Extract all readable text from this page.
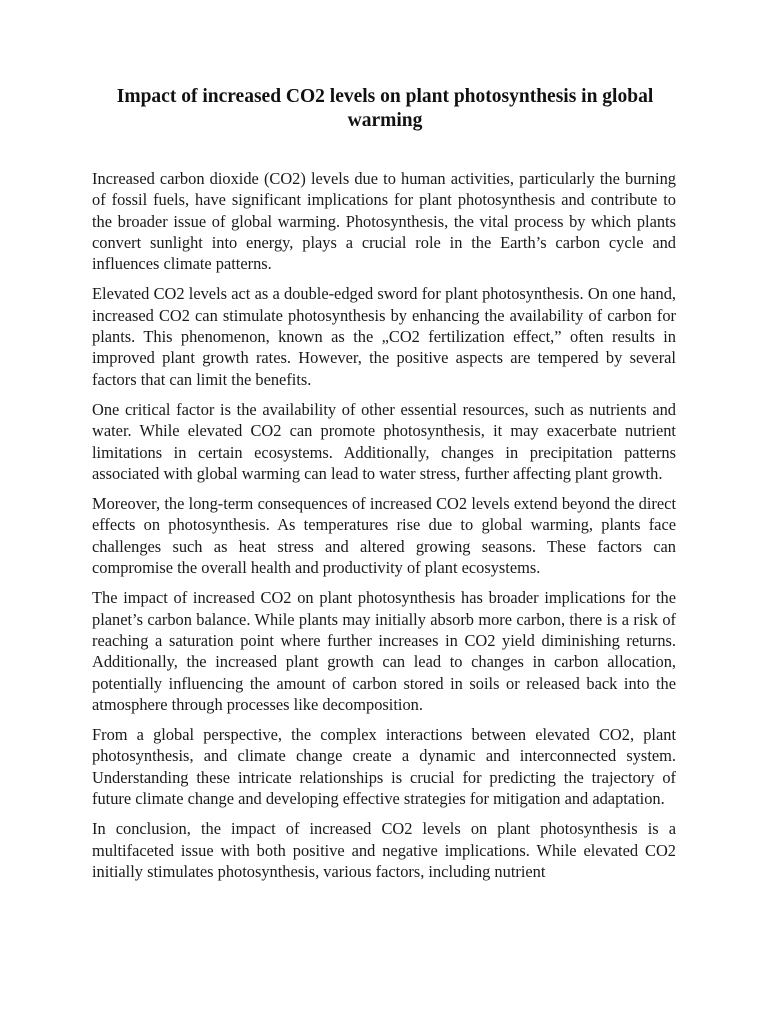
Impact of increased CO2 levels on plant photosynthesis in global warming

Increased carbon dioxide (CO2) levels due to human activities, particularly the burning of fossil fuels, have significant implications for plant photosynthesis and contribute to the broader issue of global warming. Photosynthesis, the vital process by which plants convert sunlight into energy, plays a crucial role in the Earth’s carbon cycle and influences climate patterns.

Elevated CO2 levels act as a double-edged sword for plant photosynthesis. On one hand, increased CO2 can stimulate photosynthesis by enhancing the availability of carbon for plants. This phenomenon, known as the „CO2 fertilization effect,” often results in improved plant growth rates. However, the positive aspects are tempered by several factors that can limit the benefits.

One critical factor is the availability of other essential resources, such as nutrients and water. While elevated CO2 can promote photosynthesis, it may exacerbate nutrient limitations in certain ecosystems. Additionally, changes in precipitation patterns associated with global warming can lead to water stress, further affecting plant growth.

Moreover, the long-term consequences of increased CO2 levels extend beyond the direct effects on photosynthesis. As temperatures rise due to global warming, plants face challenges such as heat stress and altered growing seasons. These factors can compromise the overall health and productivity of plant ecosystems.

The impact of increased CO2 on plant photosynthesis has broader implications for the planet’s carbon balance. While plants may initially absorb more carbon, there is a risk of reaching a saturation point where further increases in CO2 yield diminishing returns. Additionally, the increased plant growth can lead to changes in carbon allocation, potentially influencing the amount of carbon stored in soils or released back into the atmosphere through processes like decomposition.

From a global perspective, the complex interactions between elevated CO2, plant photosynthesis, and climate change create a dynamic and interconnected system. Understanding these intricate relationships is crucial for predicting the trajectory of future climate change and developing effective strategies for mitigation and adaptation.

In conclusion, the impact of increased CO2 levels on plant photosynthesis is a multifaceted issue with both positive and negative implications. While elevated CO2 initially stimulates photosynthesis, various factors, including nutrient
